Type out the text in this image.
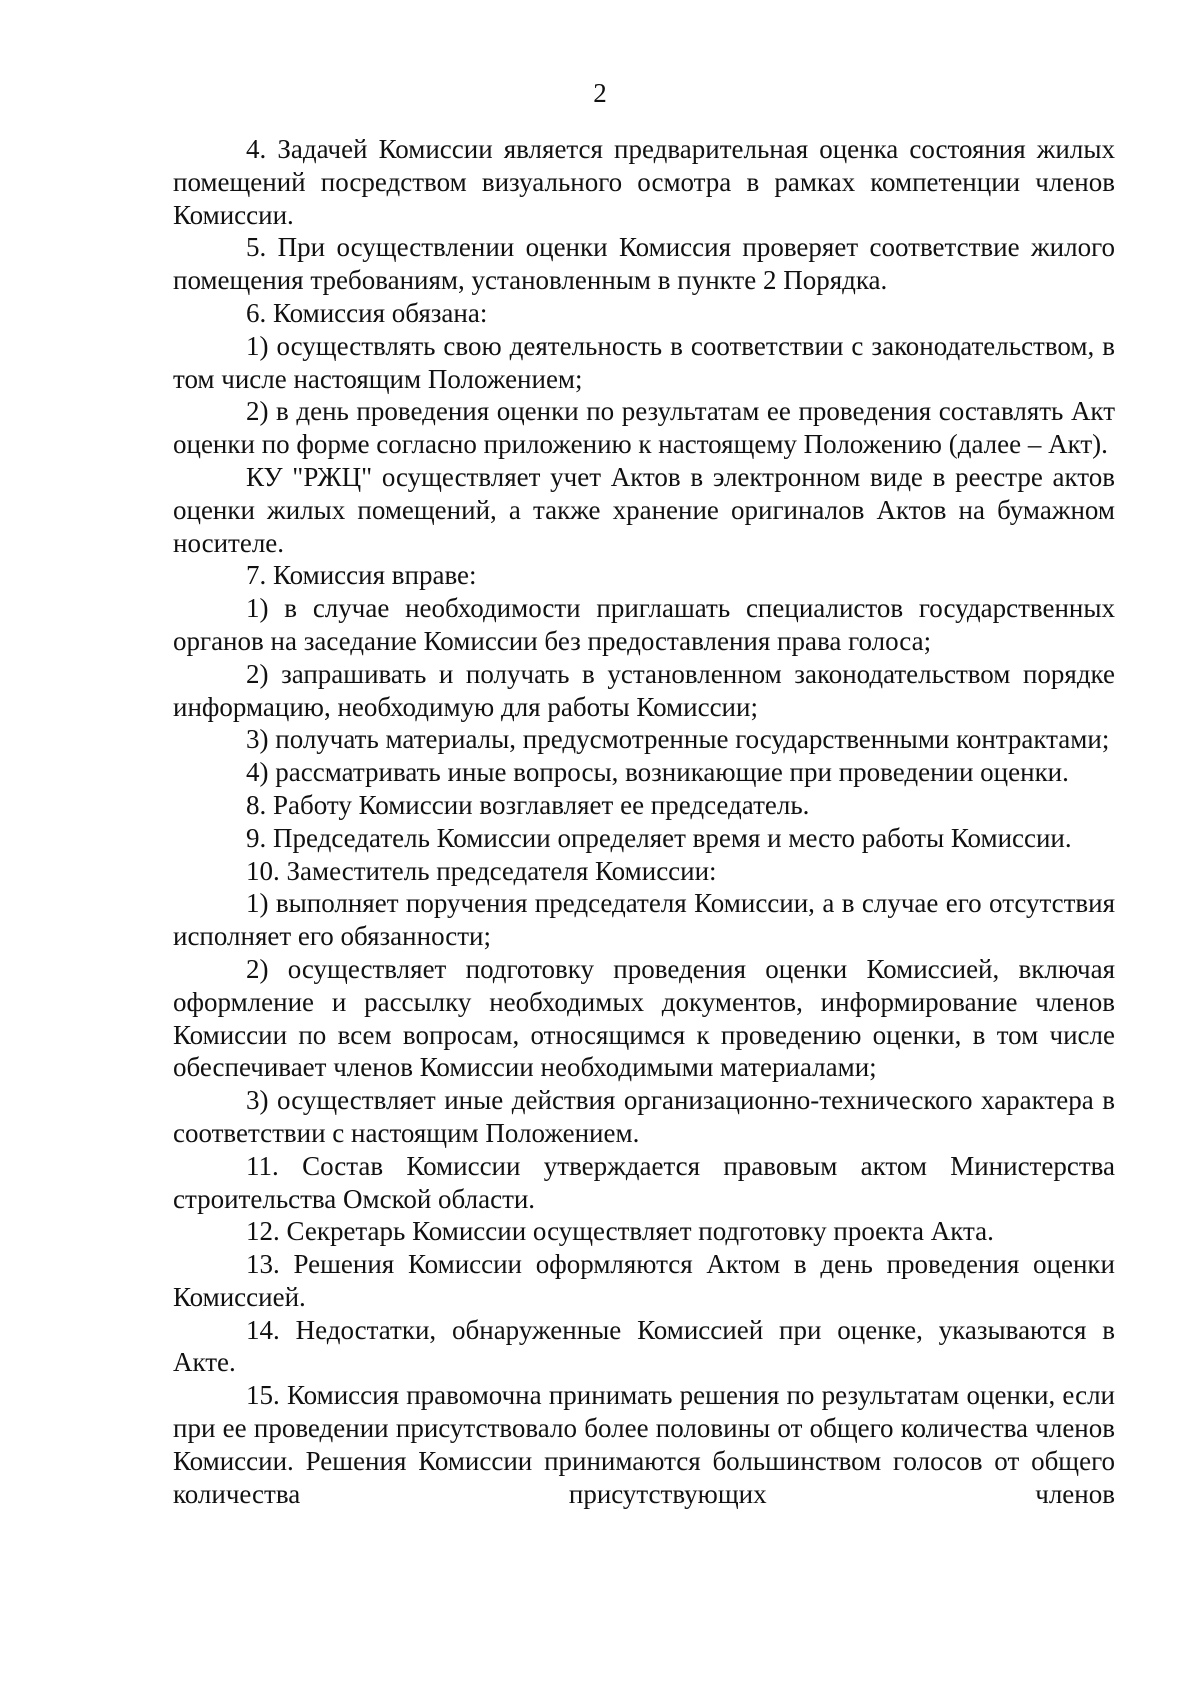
2

4. Задачей Комиссии является предварительная оценка состояния жилых помещений посредством визуального осмотра в рамках компетенции членов Комиссии.

5. При осуществлении оценки Комиссия проверяет соответствие жилого помещения требованиям, установленным в пункте 2 Порядка.

6. Комиссия обязана:

1) осуществлять свою деятельность в соответствии с законодательством, в том числе настоящим Положением;

2) в день проведения оценки по результатам ее проведения составлять Акт оценки по форме согласно приложению к настоящему Положению (далее – Акт).

КУ "РЖЦ" осуществляет учет Актов в электронном виде в реестре актов оценки жилых помещений, а также хранение оригиналов Актов на бумажном носителе.

7. Комиссия вправе:

1) в случае необходимости приглашать специалистов государственных органов на заседание Комиссии без предоставления права голоса;

2) запрашивать и получать в установленном законодательством порядке информацию, необходимую для работы Комиссии;

3) получать материалы, предусмотренные государственными контрактами;

4) рассматривать иные вопросы, возникающие при проведении оценки.

8. Работу Комиссии возглавляет ее председатель.

9. Председатель Комиссии определяет время и место работы Комиссии.

10. Заместитель председателя Комиссии:

1) выполняет поручения председателя Комиссии, а в случае его отсутствия исполняет его обязанности;

2) осуществляет подготовку проведения оценки Комиссией, включая оформление и рассылку необходимых документов, информирование членов Комиссии по всем вопросам, относящимся к проведению оценки, в том числе обеспечивает членов Комиссии необходимыми материалами;

3) осуществляет иные действия организационно-технического характера в соответствии с настоящим Положением.

11. Состав Комиссии утверждается правовым актом Министерства строительства Омской области.

12. Секретарь Комиссии осуществляет подготовку проекта Акта.

13. Решения Комиссии оформляются Актом в день проведения оценки Комиссией.

14. Недостатки, обнаруженные Комиссией при оценке, указываются в Акте.

15. Комиссия правомочна принимать решения по результатам оценки, если при ее проведении присутствовало более половины от общего количества членов Комиссии. Решения Комиссии принимаются большинством голосов от общего количества присутствующих членов
